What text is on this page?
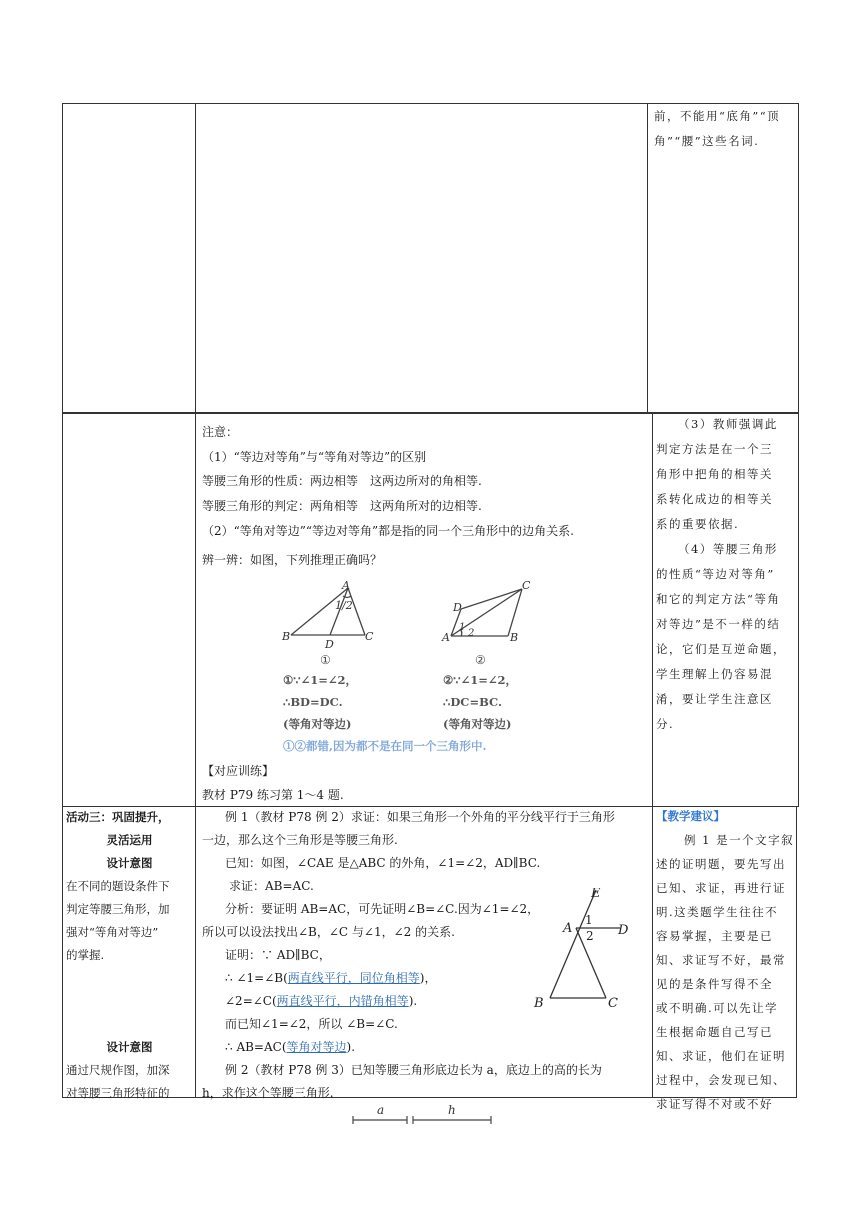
前，不能用“底角”“顶

角”“腰”这些名词.

注意：
（1）“等边对等角”与“等角对等边”的区别
等腰三角形的性质：两边相等　这两边所对的角相等.
等腰三角形的判定：两角相等　这两角所对的边相等.
（2）“等角对等边”“等边对等角”都是指的同一个三角形中的边角关系.
辨一辨：如图，下列推理正确吗？
A
B	C
D
1/2
①
A	B
C
D
1
2
②
①∵∠1=∠2，
∴BD=DC.
(等角对等边)
②∵∠1=∠2，
∴DC=BC.
(等角对等边)
①②都错,因为都不是在同一个三角形中.
【对应训练】
教材 P79 练习第 1～4 题.

（3）教师强调此

判定方法是在一个三

角形中把角的相等关

系转化成边的相等关

系的重要依据.

（4）等腰三角形

的性质“等边对等角”

和它的判定方法“等角

对等边”是不一样的结

论，它们是互逆命题，

学生理解上仍容易混

淆，要让学生注意区

分.

活动三：巩固提升，

灵活运用

设计意图

在不同的题设条件下

判定等腰三角形，加

强对“等角对等边”

的掌握.

设计意图

通过尺规作图，加深

对等腰三角形特征的

例 1（教材 P78 例 2）求证：如果三角形一个外角的平分线平行于三角形
一边，那么这个三角形是等腰三角形.
已知：如图，∠CAE 是△ABC 的外角，∠1=∠2，AD∥BC.
求证：AB=AC.
分析：要证明 AB=AC，可先证明∠B=∠C.因为∠1=∠2，
所以可以设法找出∠B，∠C 与∠1，∠2 的关系.
证明：∵ AD∥BC，
∴ ∠1=∠B(两直线平行，同位角相等)，
∠2=∠C(两直线平行，内错角相等).
而已知∠1=∠2，所以 ∠B=∠C.
∴ AB=AC(等角对等边).
例 2（教材 P78 例 3）已知等腰三角形底边长为 a，底边上的高的长为
h，求作这个等腰三角形.
E
A	D
B	C
1
2

【教学建议】

例 1 是一个文字叙

述的证明题，要先写出

已知、求证，再进行证

明.这类题学生往往不

容易掌握，主要是已

知、求证写不好，最常

见的是条件写得不全

或不明确.可以先让学

生根据命题自己写已

知、求证，他们在证明

过程中，会发现已知、

求证写得不对或不好

a	h
